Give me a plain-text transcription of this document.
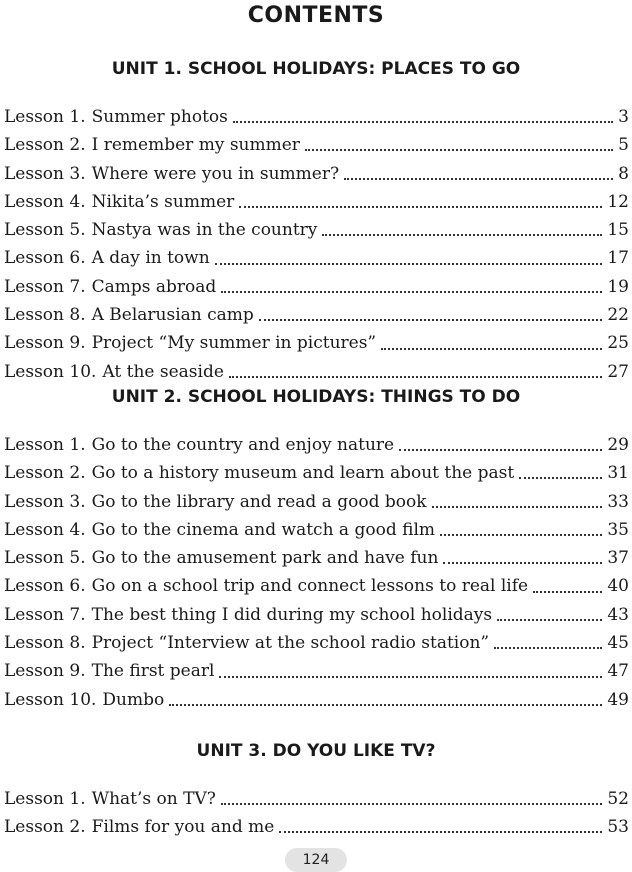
CONTENTS
UNIT 1. SCHOOL HOLIDAYS: PLACES TO GO
Lesson 1. Summer photos	3
Lesson 2. I remember my summer	5
Lesson 3. Where were you in summer?	8
Lesson 4. Nikita’s summer	12
Lesson 5. Nastya was in the country	15
Lesson 6. A day in town	17
Lesson 7. Camps abroad	19
Lesson 8. A Belarusian camp	22
Lesson 9. Project “My summer in pictures”	25
Lesson 10. At the seaside	27
UNIT 2. SCHOOL HOLIDAYS: THINGS TO DO
Lesson 1. Go to the country and enjoy nature	29
Lesson 2. Go to a history museum and learn about the past	31
Lesson 3. Go to the library and read a good book	33
Lesson 4. Go to the cinema and watch a good film	35
Lesson 5. Go to the amusement park and have fun	37
Lesson 6. Go on a school trip and connect lessons to real life	40
Lesson 7. The best thing I did during my school holidays	43
Lesson 8. Project “Interview at the school radio station”	45
Lesson 9. The first pearl	47
Lesson 10. Dumbo	49
UNIT 3. DO YOU LIKE TV?
Lesson 1. What’s on TV?	52
Lesson 2. Films for you and me	53
124
